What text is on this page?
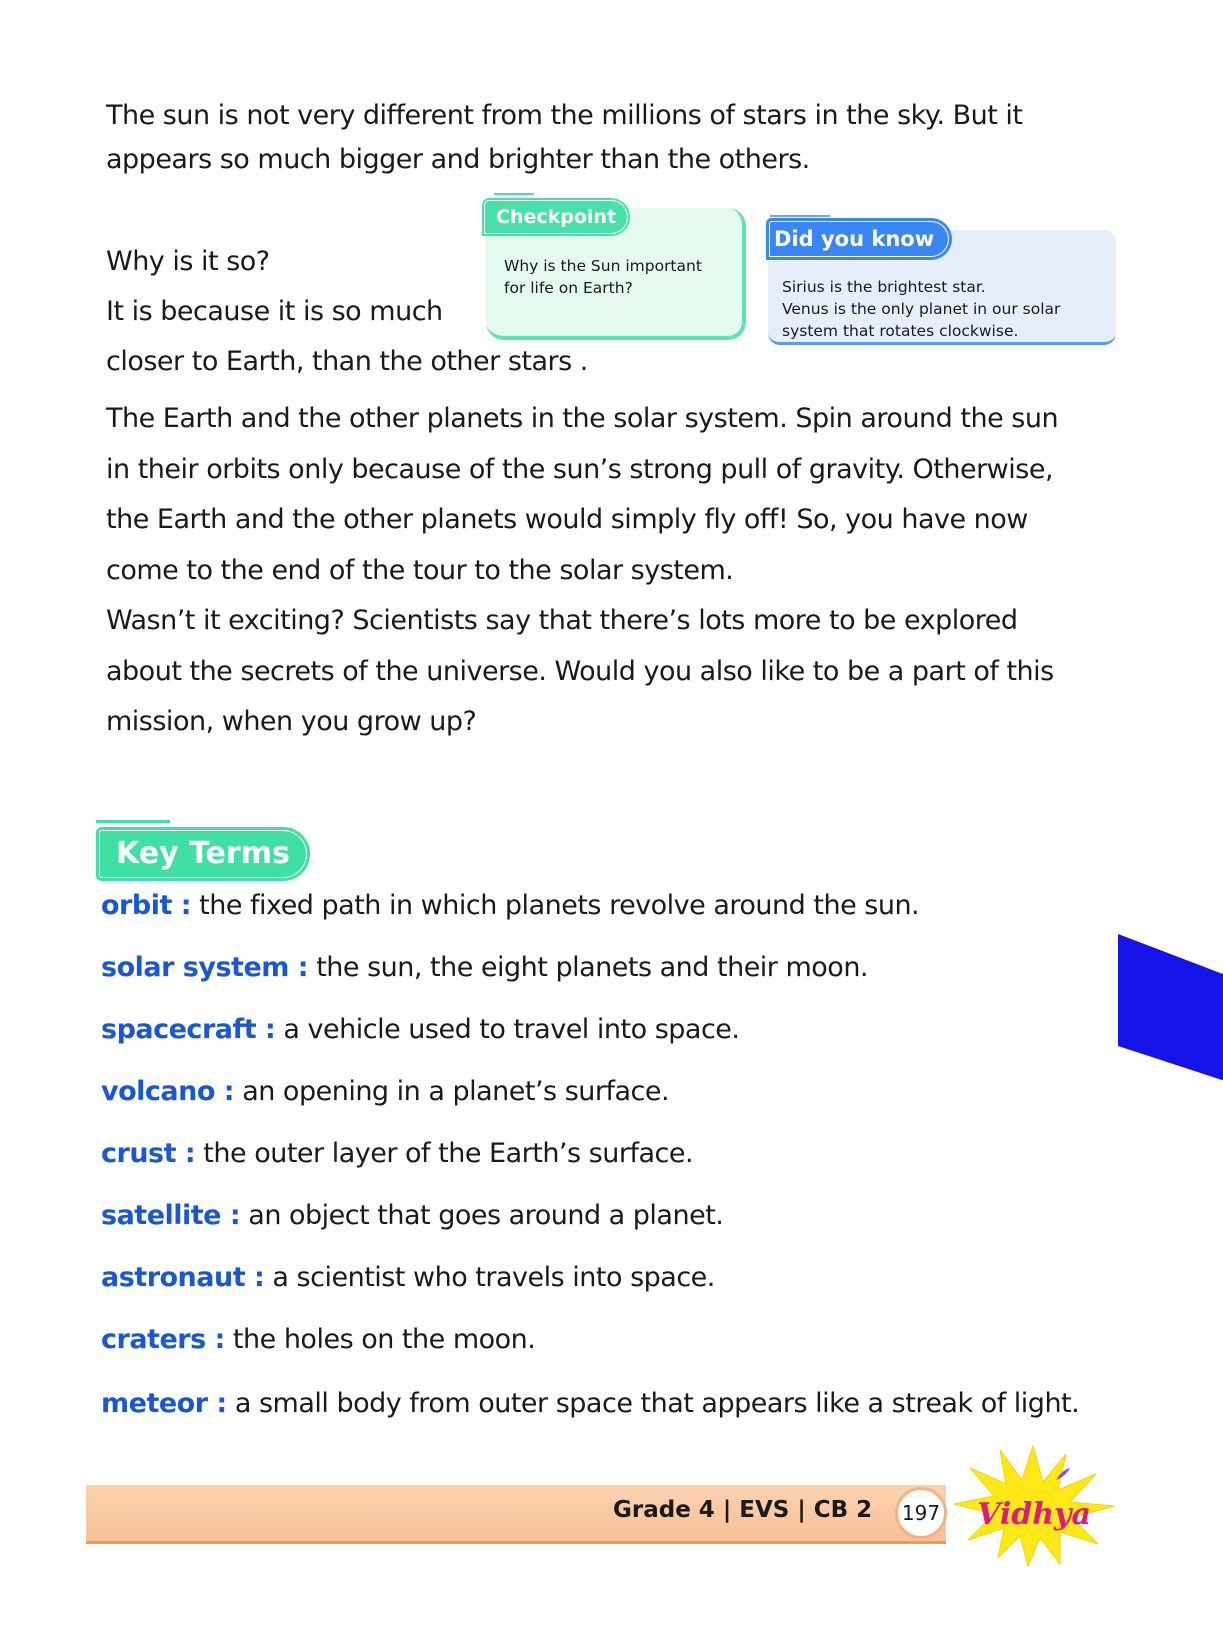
The sun is not very different from the millions of stars in the sky. But it
appears so much bigger and brighter than the others.
Why is it so?
It is because it is so much
closer to Earth, than the other stars .
Checkpoint
Why is the Sun important
for life on Earth?
Did you know
Sirius is the brightest star.
Venus is the only planet in our solar
system that rotates clockwise.
The Earth and the other planets in the solar system. Spin around the sun
in their orbits only because of the sun’s strong pull of gravity. Otherwise,
the Earth and the other planets would simply fly off! So, you have now
come to the end of the tour to the solar system.
Wasn’t it exciting? Scientists say that there’s lots more to be explored
about the secrets of the universe. Would you also like to be a part of this
mission, when you grow up?
Key Terms
orbit : the fixed path in which planets revolve around the sun.
solar system : the sun, the eight planets and their moon.
spacecraft : a vehicle used to travel into space.
volcano : an opening in a planet’s surface.
crust : the outer layer of the Earth’s surface.
satellite : an object that goes around a planet.
astronaut : a scientist who travels into space.
craters : the holes on the moon.
meteor : a small body from outer space that appears like a streak of light.
Grade 4 | EVS | CB 2	197 Vidhya
